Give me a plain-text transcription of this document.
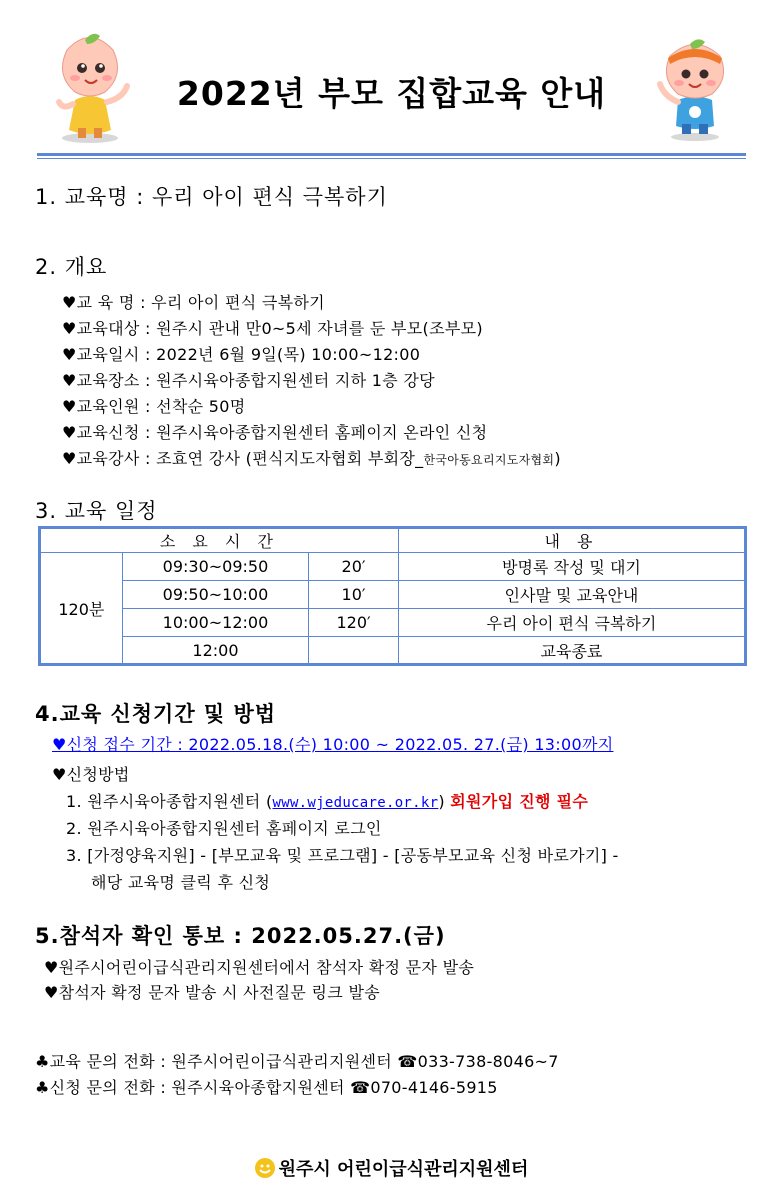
2022년 부모 집합교육 안내
1. 교육명 : 우리 아이 편식 극복하기
2. 개요
♥교 육 명 : 우리 아이 편식 극복하기
♥교육대상 : 원주시 관내 만0~5세 자녀를 둔 부모(조부모)
♥교육일시 : 2022년 6월 9일(목) 10:00~12:00
♥교육장소 : 원주시육아종합지원센터 지하 1층 강당
♥교육인원 : 선착순 50명
♥교육신청 : 원주시육아종합지원센터 홈페이지 온라인 신청
♥교육강사 : 조효연 강사 (편식지도자협회 부회장_한국아동요리지도자협회)
3. 교육 일정
소 요 시 간			내 용
120분	09:30~09:50	20′	방명록 작성 및 대기
	09:50~10:00	10′	인사말 및 교육안내
	10:00~12:00	120′	우리 아이 편식 극복하기
	12:00		교육종료
4.교육 신청기간 및 방법
♥신청 접수 기간 : 2022.05.18.(수) 10:00 ~ 2022.05. 27.(금) 13:00까지
♥신청방법
1. 원주시육아종합지원센터 (www.wjeducare.or.kr) 회원가입 진행 필수
2. 원주시육아종합지원센터 홈페이지 로그인
3. [가정양육지원] - [부모교육 및 프로그램] - [공동부모교육 신청 바로가기] -
해당 교육명 클릭 후 신청
5.참석자 확인 통보 : 2022.05.27.(금)
♥원주시어린이급식관리지원센터에서 참석자 확정 문자 발송
♥참석자 확정 문자 발송 시 사전질문 링크 발송
♣교육 문의 전화 : 원주시어린이급식관리지원센터 ☎033-738-8046~7
♣신청 문의 전화 : 원주시육아종합지원센터 ☎070-4146-5915
원주시 어린이급식관리지원센터
